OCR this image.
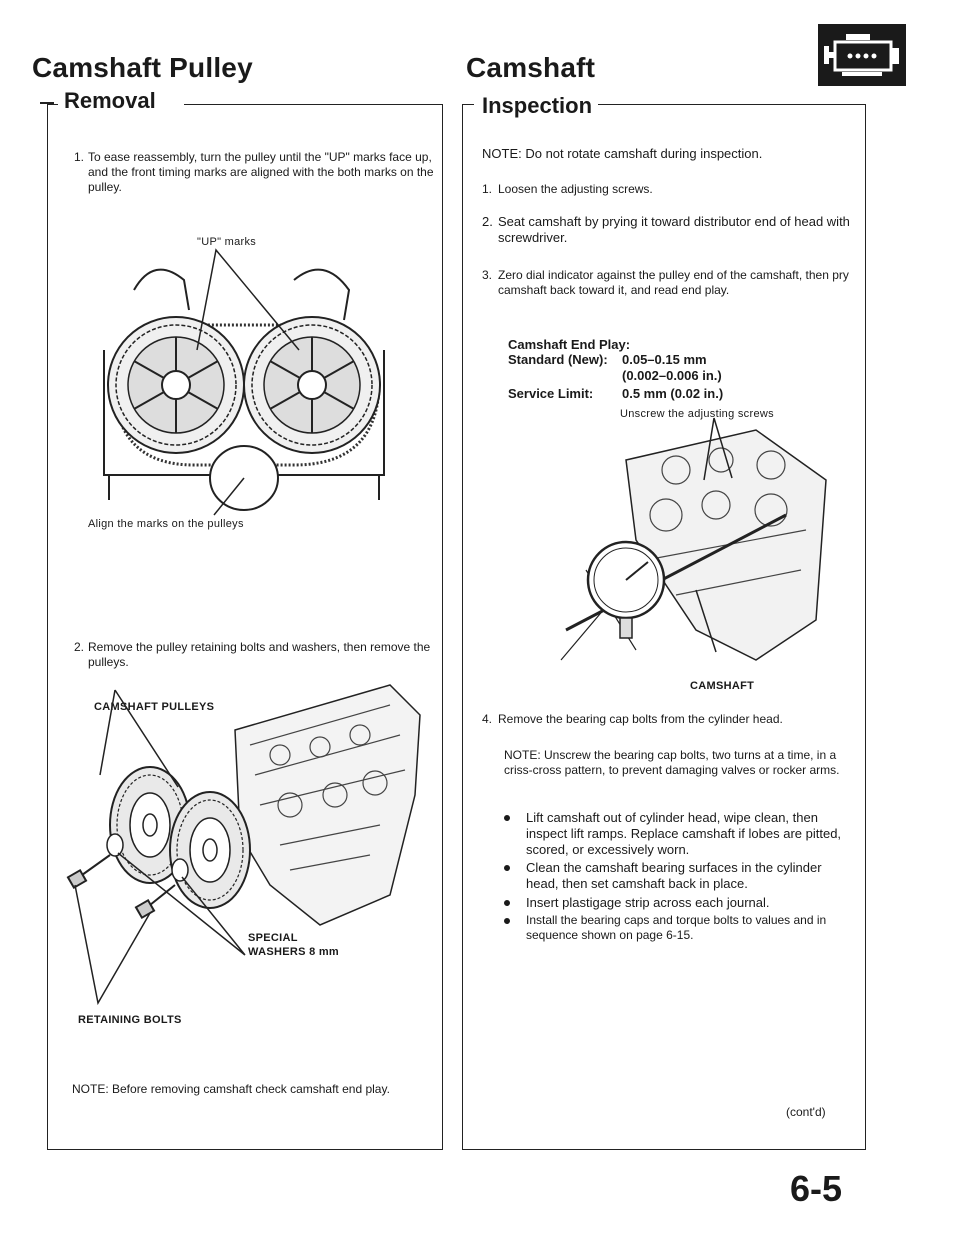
Camshaft Pulley
Removal
1. To ease reassembly, turn the pulley until the "UP" marks face up, and the front timing marks are aligned with the both marks on the pulley.
"UP" marks
Align the marks on the pulleys
2. Remove the pulley retaining bolts and washers, then remove the pulleys.
CAMSHAFT PULLEYS
SPECIAL
WASHERS 8 mm
RETAINING BOLTS
NOTE: Before removing camshaft check camshaft end play.
Camshaft
Inspection
NOTE: Do not rotate camshaft during inspection.
1. Loosen the adjusting screws.
2. Seat camshaft by prying it toward distributor end of head with screwdriver.
3. Zero dial indicator against the pulley end of the camshaft, then pry camshaft back toward it, and read end play.
Camshaft End Play:
Standard (New): 0.05–0.15 mm
(0.002–0.006 in.)
Service Limit: 0.5 mm (0.02 in.)
Unscrew the adjusting screws
CAMSHAFT
4. Remove the bearing cap bolts from the cylinder head.
NOTE: Unscrew the bearing cap bolts, two turns at a time, in a criss-cross pattern, to prevent damaging valves or rocker arms.
Lift camshaft out of cylinder head, wipe clean, then inspect lift ramps. Replace camshaft if lobes are pitted, scored, or excessively worn.
Clean the camshaft bearing surfaces in the cylinder head, then set camshaft back in place.
Insert plastigage strip across each journal.
Install the bearing caps and torque bolts to values and in sequence shown on page 6-15.
(cont'd)
6-5
